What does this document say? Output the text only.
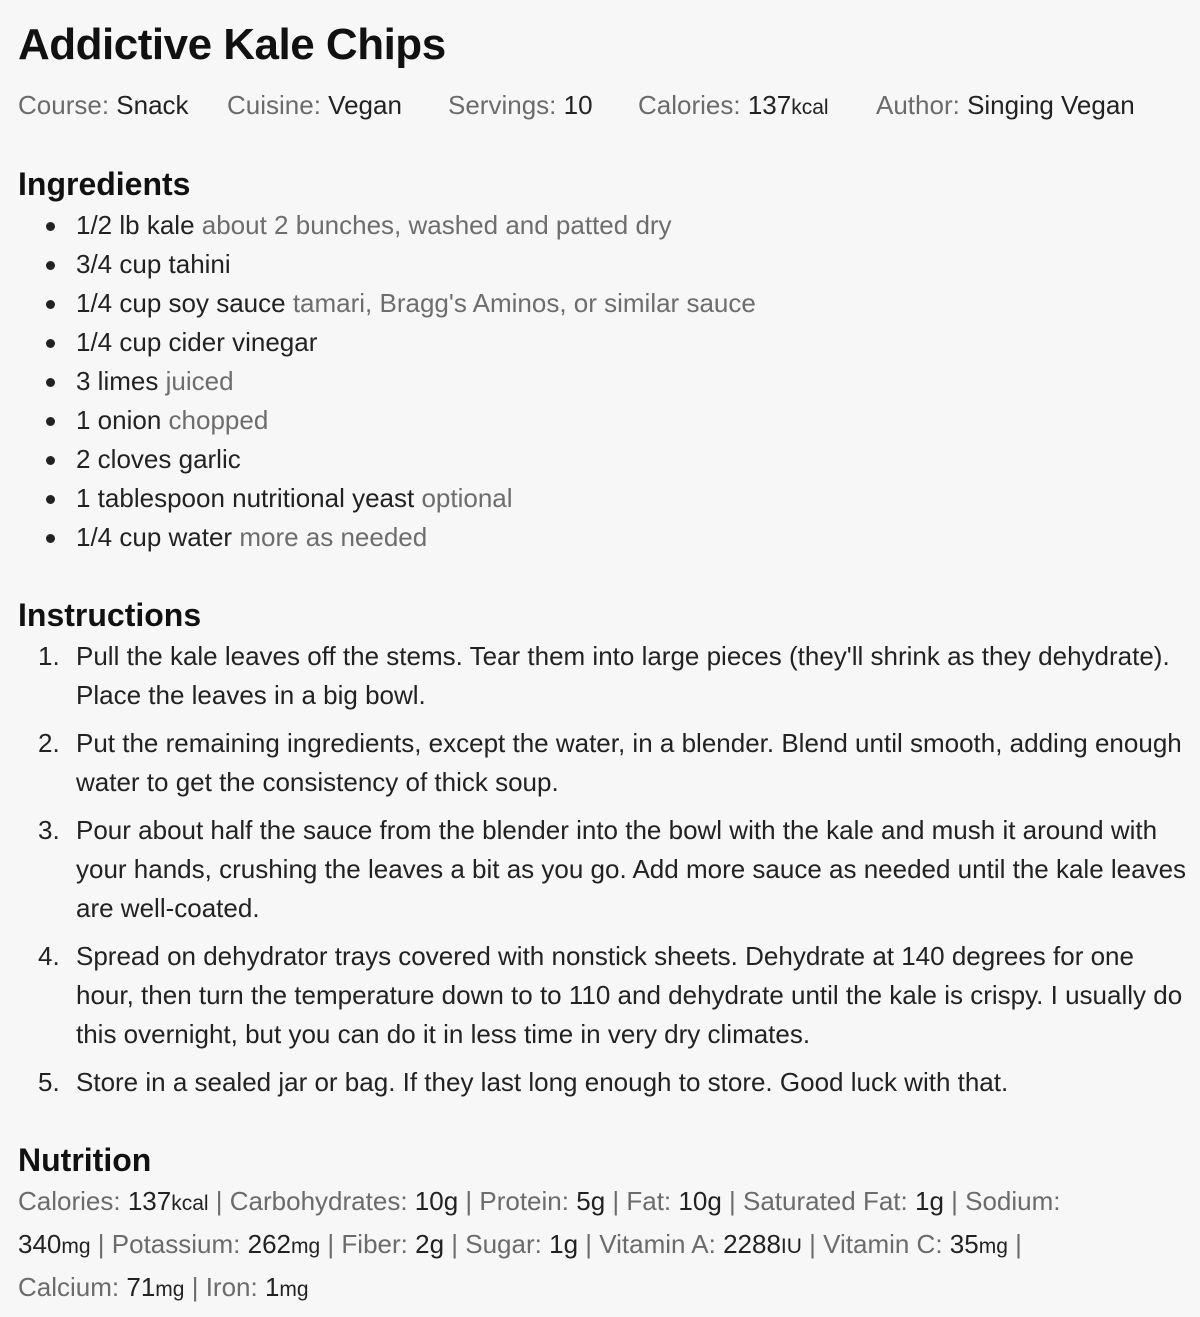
Addictive Kale Chips
Course: Snack Cuisine: Vegan Servings: 10 Calories: 137kcal Author: Singing Vegan
Ingredients
1/2 lb kale about 2 bunches, washed and patted dry
3/4 cup tahini
1/4 cup soy sauce tamari, Bragg's Aminos, or similar sauce
1/4 cup cider vinegar
3 limes juiced
1 onion chopped
2 cloves garlic
1 tablespoon nutritional yeast optional
1/4 cup water more as needed
Instructions
1. Pull the kale leaves off the stems. Tear them into large pieces (they'll shrink as they dehydrate). Place the leaves in a big bowl.
2. Put the remaining ingredients, except the water, in a blender. Blend until smooth, adding enough water to get the consistency of thick soup.
3. Pour about half the sauce from the blender into the bowl with the kale and mush it around with your hands, crushing the leaves a bit as you go. Add more sauce as needed until the kale leaves are well-coated.
4. Spread on dehydrator trays covered with nonstick sheets. Dehydrate at 140 degrees for one hour, then turn the temperature down to to 110 and dehydrate until the kale is crispy. I usually do this overnight, but you can do it in less time in very dry climates.
5. Store in a sealed jar or bag. If they last long enough to store. Good luck with that.
Nutrition
Calories: 137kcal | Carbohydrates: 10g | Protein: 5g | Fat: 10g | Saturated Fat: 1g | Sodium: 340mg | Potassium: 262mg | Fiber: 2g | Sugar: 1g | Vitamin A: 2288IU | Vitamin C: 35mg | Calcium: 71mg | Iron: 1mg
